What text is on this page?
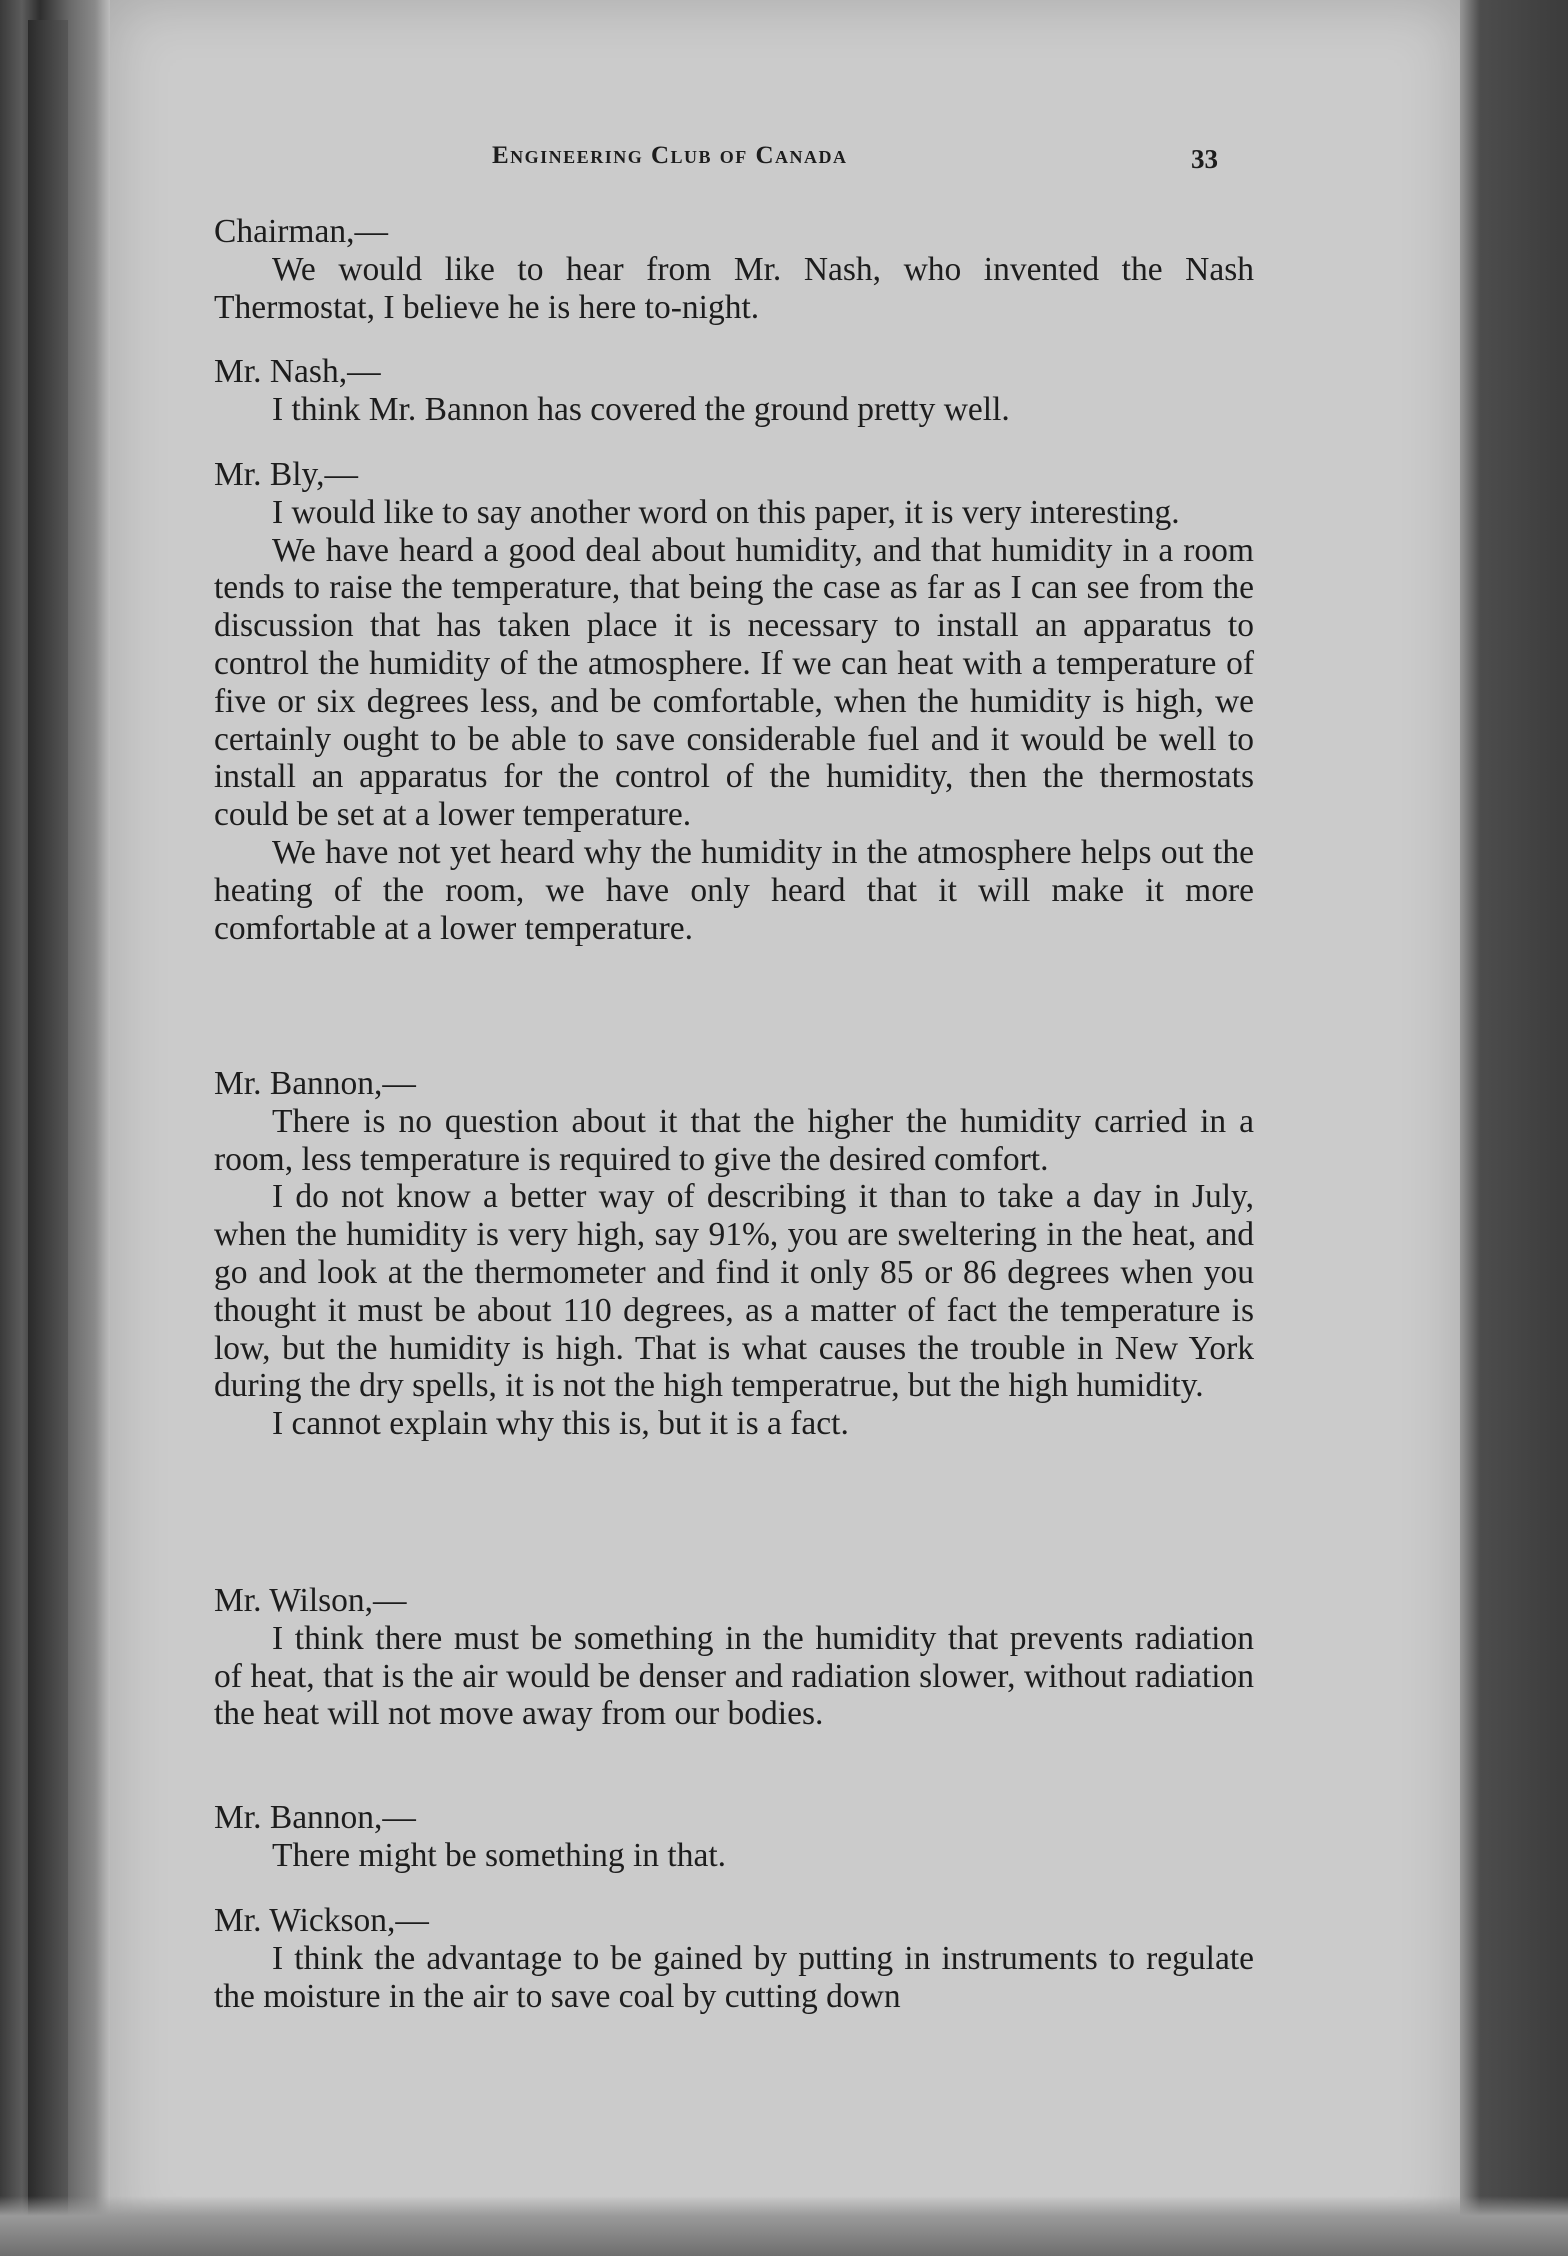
Engineering Club of Canada	33
Chairman,—

We would like to hear from Mr. Nash, who invented the Nash Thermostat, I believe he is here to-night.

Mr. Nash,—

I think Mr. Bannon has covered the ground pretty well.

Mr. Bly,—

I would like to say another word on this paper, it is very interesting.

We have heard a good deal about humidity, and that humidity in a room tends to raise the temperature, that being the case as far as I can see from the discussion that has taken place it is necessary to install an apparatus to control the humidity of the atmosphere. If we can heat with a temperature of five or six degrees less, and be comfortable, when the humidity is high, we certainly ought to be able to save considerable fuel and it would be well to install an apparatus for the control of the humidity, then the thermostats could be set at a lower temperature.

We have not yet heard why the humidity in the atmosphere helps out the heating of the room, we have only heard that it will make it more comfortable at a lower temperature.

Mr. Bannon,—

There is no question about it that the higher the humidity carried in a room, less temperature is required to give the desired comfort.

I do not know a better way of describing it than to take a day in July, when the humidity is very high, say 91%, you are sweltering in the heat, and go and look at the thermometer and find it only 85 or 86 degrees when you thought it must be about 110 degrees, as a matter of fact the temperature is low, but the humidity is high. That is what causes the trouble in New York during the dry spells, it is not the high temperatrue, but the high humidity.

I cannot explain why this is, but it is a fact.

Mr. Wilson,—

I think there must be something in the humidity that prevents radiation of heat, that is the air would be denser and radiation slower, without radiation the heat will not move away from our bodies.

Mr. Bannon,—

There might be something in that.

Mr. Wickson,—

I think the advantage to be gained by putting in instruments to regulate the moisture in the air to save coal by cutting down
